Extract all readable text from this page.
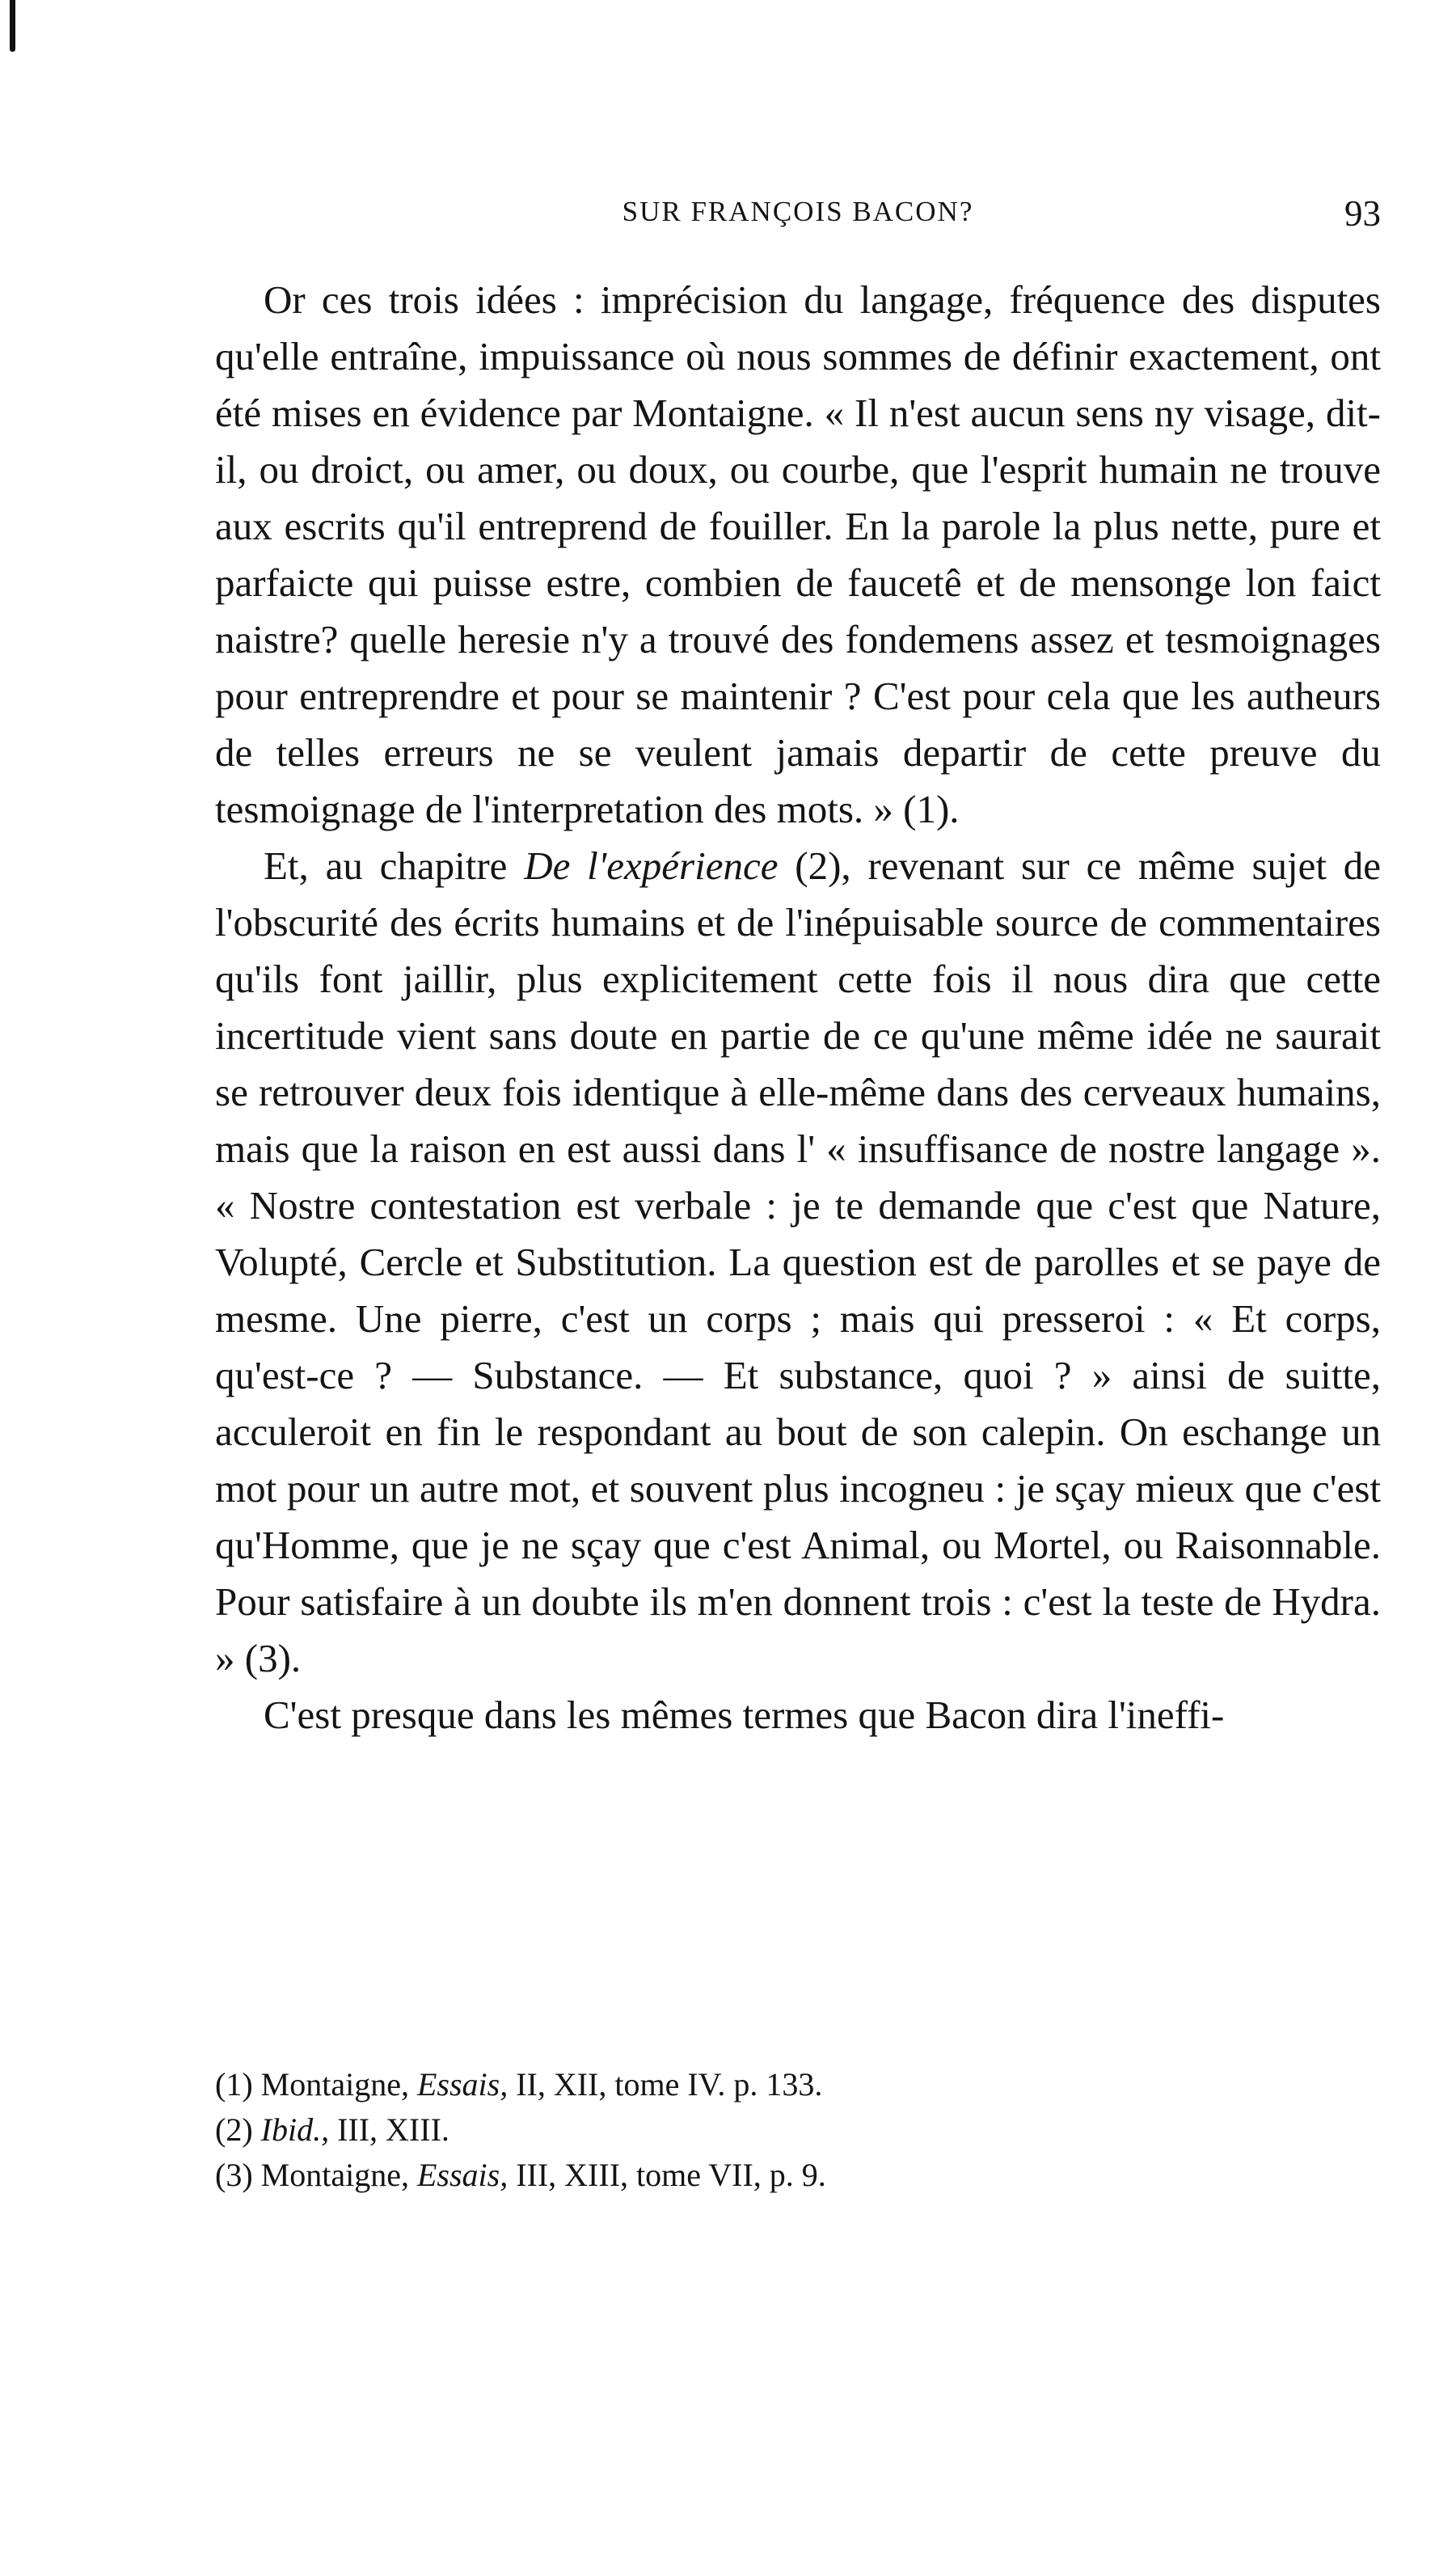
SUR FRANÇOIS BACON?	93

Or ces trois idées : imprécision du langage, fréquence des disputes qu'elle entraîne, impuissance où nous sommes de définir exactement, ont été mises en évidence par Montaigne. « Il n'est aucun sens ny visage, dit-il, ou droict, ou amer, ou doux, ou courbe, que l'esprit humain ne trouve aux escrits qu'il entreprend de fouiller. En la parole la plus nette, pure et parfaicte qui puisse estre, combien de faucetê et de mensonge lon faict naistre? quelle heresie n'y a trouvé des fondemens assez et tesmoignages pour entreprendre et pour se maintenir ? C'est pour cela que les autheurs de telles erreurs ne se veulent jamais departir de cette preuve du tesmoignage de l'interpretation des mots. » (1).

Et, au chapitre De l'expérience (2), revenant sur ce même sujet de l'obscurité des écrits humains et de l'inépuisable source de commentaires qu'ils font jaillir, plus explicitement cette fois il nous dira que cette incertitude vient sans doute en partie de ce qu'une même idée ne saurait se retrouver deux fois identique à elle-même dans des cerveaux humains, mais que la raison en est aussi dans l' « insuffisance de nostre langage ». « Nostre contestation est verbale : je te demande que c'est que Nature, Volupté, Cercle et Substitution. La question est de parolles et se paye de mesme. Une pierre, c'est un corps ; mais qui presseroi : « Et corps, qu'est-ce ? — Substance. — Et substance, quoi ? » ainsi de suitte, acculeroit en fin le respondant au bout de son calepin. On eschange un mot pour un autre mot, et souvent plus incogneu : je sçay mieux que c'est qu'Homme, que je ne sçay que c'est Animal, ou Mortel, ou Raisonnable. Pour satisfaire à un doubte ils m'en donnent trois : c'est la teste de Hydra. » (3).

C'est presque dans les mêmes termes que Bacon dira l'ineffi-

(1) Montaigne, Essais, II, XII, tome IV. p. 133.

(2) Ibid., III, XIII.

(3) Montaigne, Essais, III, XIII, tome VII, p. 9.
